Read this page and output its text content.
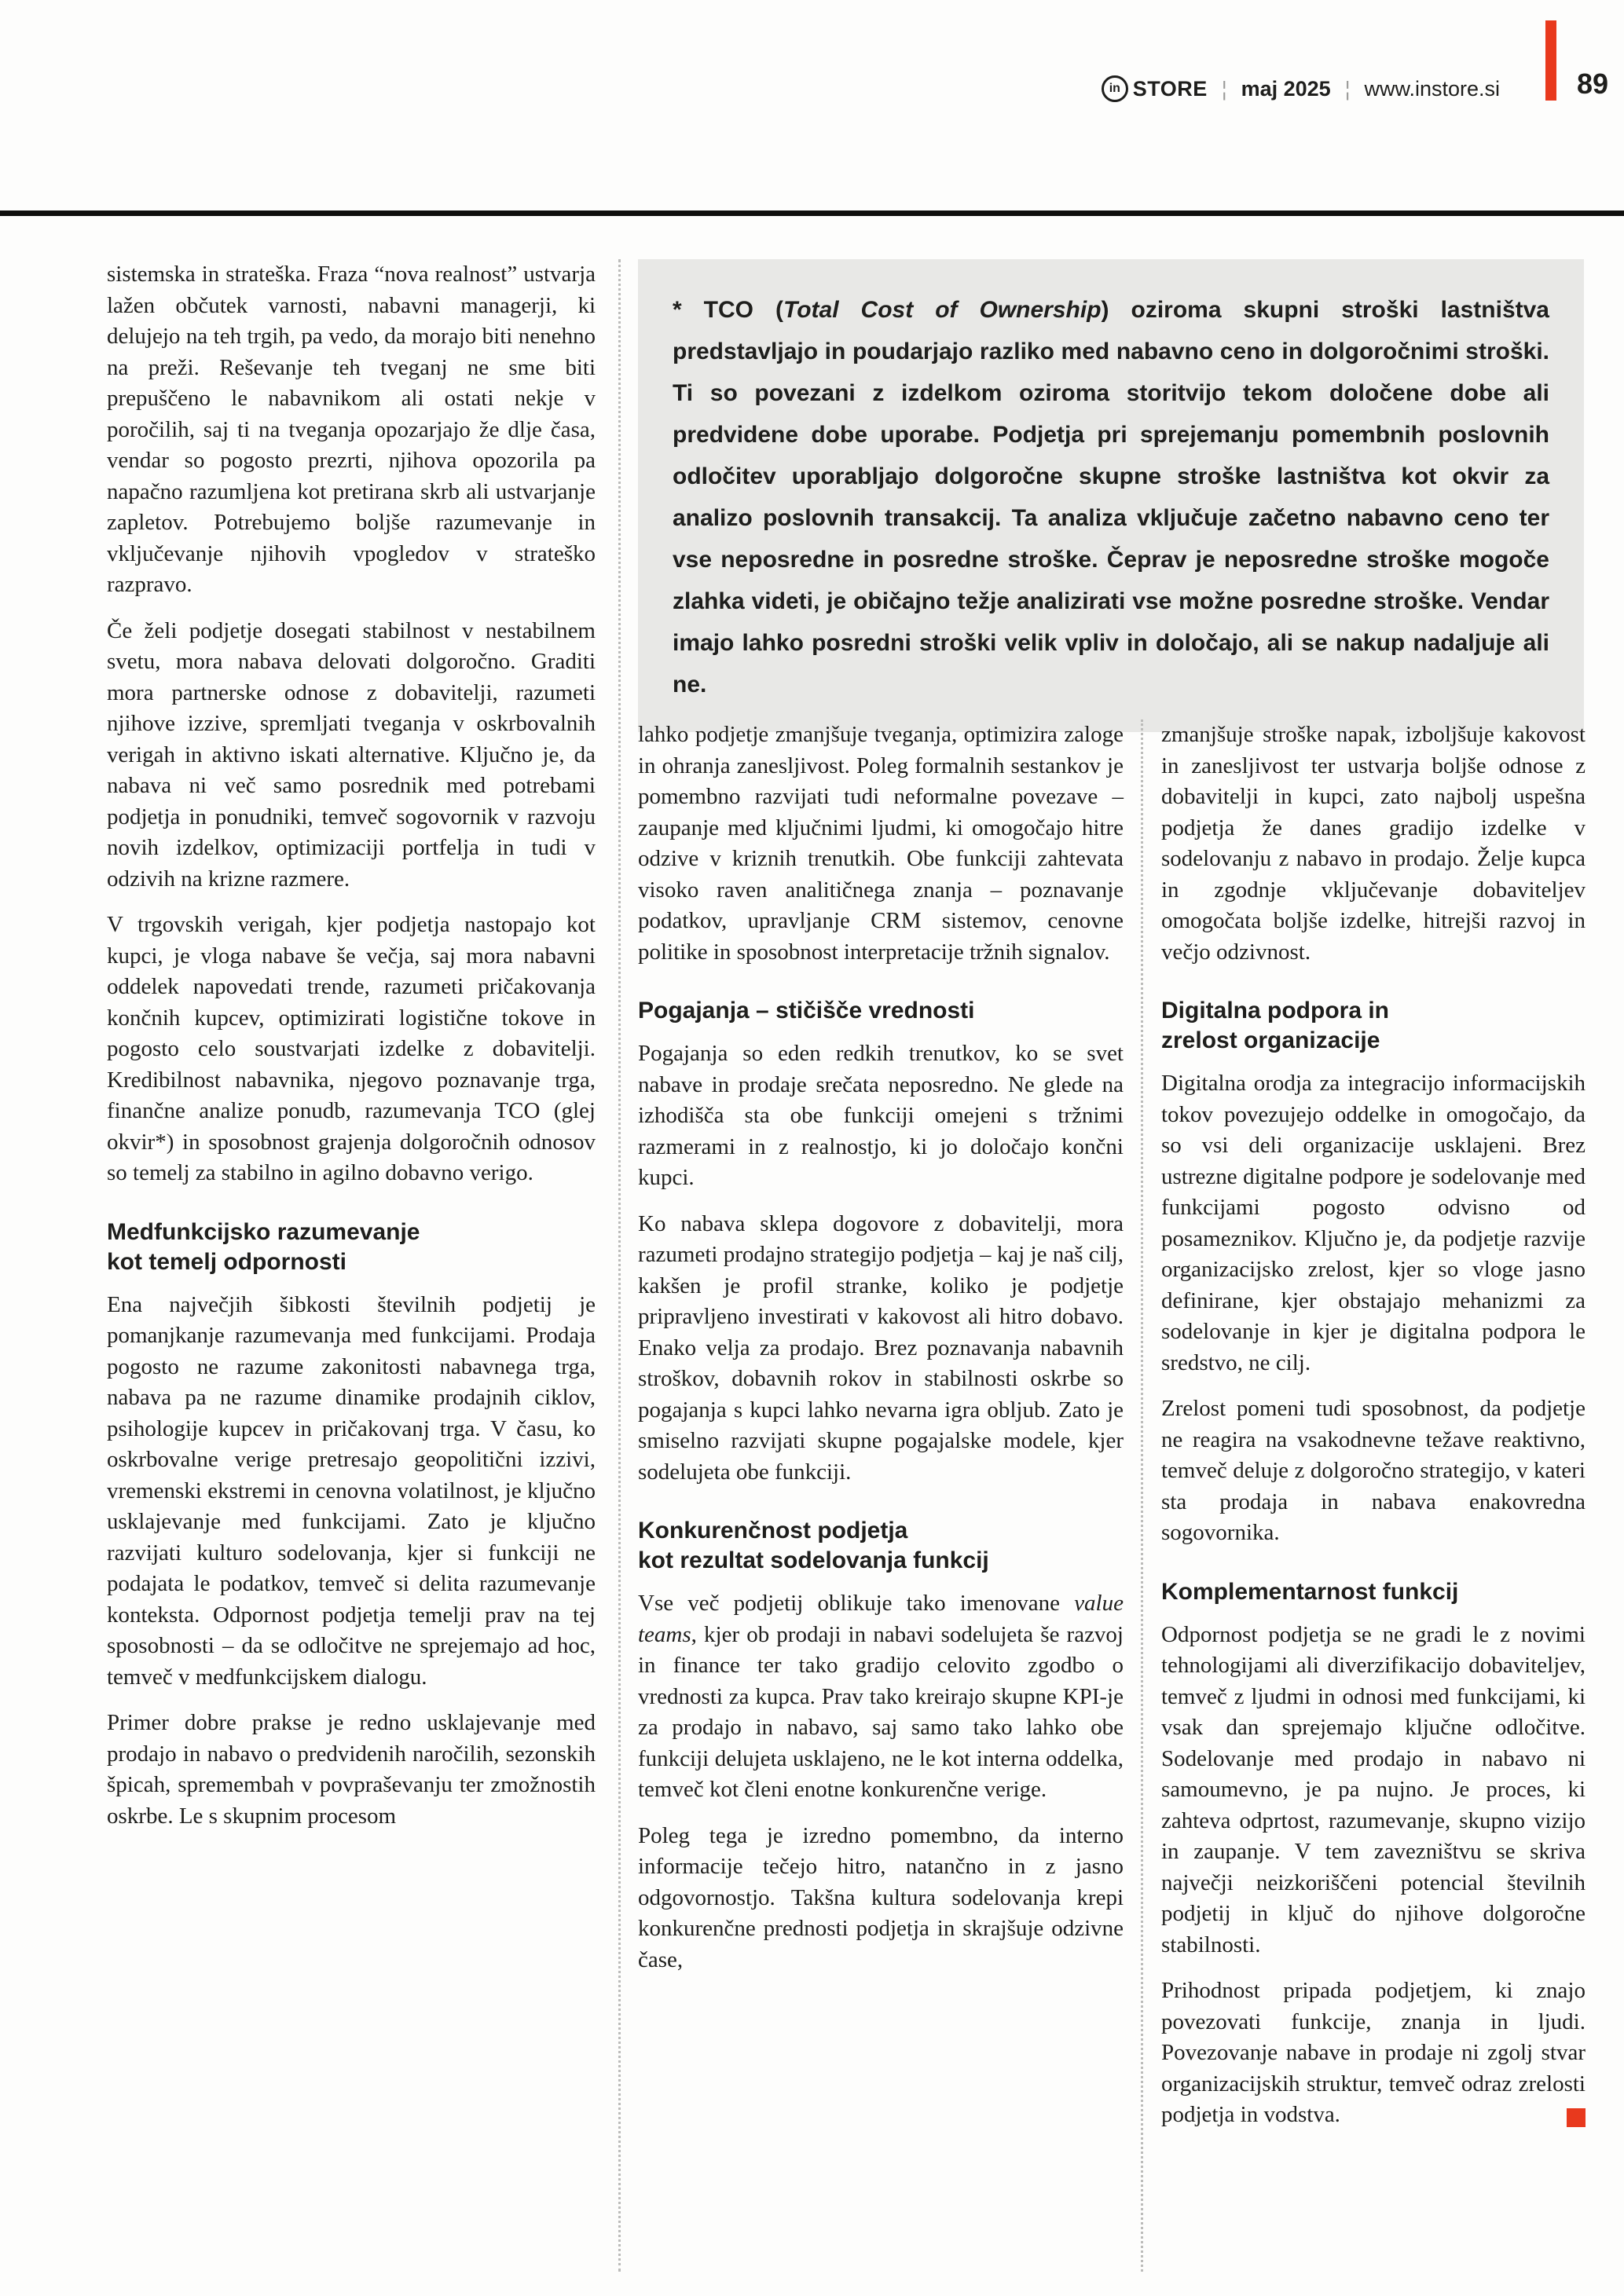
in STORE ¦ maj 2025 ¦ www.instore.si	89
* TCO (Total Cost of Ownership) oziroma skupni stroški lastništva predstavljajo in poudarjajo razliko med nabavno ceno in dolgoročnimi stroški. Ti so povezani z izdelkom oziroma storitvijo tekom določene dobe ali predvidene dobe uporabe. Podjetja pri sprejemanju pomembnih poslovnih odločitev uporabljajo dolgoročne skupne stroške lastništva kot okvir za analizo poslovnih transakcij. Ta analiza vključuje začetno nabavno ceno ter vse neposredne in posredne stroške. Čeprav je neposredne stroške mogoče zlahka videti, je običajno težje analizirati vse možne posredne stroške. Vendar imajo lahko posredni stroški velik vpliv in določajo, ali se nakup nadaljuje ali ne.

sistemska in strateška. Fraza “nova realnost” ustvarja lažen občutek varnosti, nabavni managerji, ki delujejo na teh trgih, pa vedo, da morajo biti nenehno na preži. Reševanje teh tveganj ne sme biti prepuščeno le nabavnikom ali ostati nekje v poročilih, saj ti na tveganja opozarjajo že dlje časa, vendar so pogosto prezrti, njihova opozorila pa napačno razumljena kot pretirana skrb ali ustvarjanje zapletov. Potrebujemo boljše razumevanje in vključevanje njihovih vpogledov v strateško razpravo.

Če želi podjetje dosegati stabilnost v nestabilnem svetu, mora nabava delovati dolgoročno. Graditi mora partnerske odnose z dobavitelji, razumeti njihove izzive, spremljati tveganja v oskrbovalnih verigah in aktivno iskati alternative. Ključno je, da nabava ni več samo posrednik med potrebami podjetja in ponudniki, temveč sogovornik v razvoju novih izdelkov, optimizaciji portfelja in tudi v odzivih na krizne razmere.

V trgovskih verigah, kjer podjetja nastopajo kot kupci, je vloga nabave še večja, saj mora nabavni oddelek napovedati trende, razumeti pričakovanja končnih kupcev, optimizirati logistične tokove in pogosto celo soustvarjati izdelke z dobavitelji. Kredibilnost nabavnika, njegovo poznavanje trga, finančne analize ponudb, razumevanja TCO (glej okvir*) in sposobnost grajenja dolgoročnih odnosov so temelj za stabilno in agilno dobavno verigo.

Medfunkcijsko razumevanje
kot temelj odpornosti

Ena največjih šibkosti številnih podjetij je pomanjkanje razumevanja med funkcijami. Prodaja pogosto ne razume zakonitosti nabavnega trga, nabava pa ne razume dinamike prodajnih ciklov, psihologije kupcev in pričakovanj trga. V času, ko oskrbovalne verige pretresajo geopolitični izzivi, vremenski ekstremi in cenovna volatilnost, je ključno usklajevanje med funkcijami. Zato je ključno razvijati kulturo sodelovanja, kjer si funkciji ne podajata le podatkov, temveč si delita razumevanje konteksta. Odpornost podjetja temelji prav na tej sposobnosti – da se odločitve ne sprejemajo ad hoc, temveč v medfunkcijskem dialogu.

Primer dobre prakse je redno usklajevanje med prodajo in nabavo o predvidenih naročilih, sezonskih špicah, spremembah v povpraševanju ter zmožnostih oskrbe. Le s skupnim procesom

lahko podjetje zmanjšuje tveganja, optimizira zaloge in ohranja zanesljivost. Poleg formalnih sestankov je pomembno razvijati tudi neformalne povezave – zaupanje med ključnimi ljudmi, ki omogočajo hitre odzive v kriznih trenutkih. Obe funkciji zahtevata visoko raven analitičnega znanja – poznavanje podatkov, upravljanje CRM sistemov, cenovne politike in sposobnost interpretacije tržnih signalov.

Pogajanja – stičišče vrednosti

Pogajanja so eden redkih trenutkov, ko se svet nabave in prodaje srečata neposredno. Ne glede na izhodišča sta obe funkciji omejeni s tržnimi razmerami in z realnostjo, ki jo določajo končni kupci.

Ko nabava sklepa dogovore z dobavitelji, mora razumeti prodajno strategijo podjetja – kaj je naš cilj, kakšen je profil stranke, koliko je podjetje pripravljeno investirati v kakovost ali hitro dobavo. Enako velja za prodajo. Brez poznavanja nabavnih stroškov, dobavnih rokov in stabilnosti oskrbe so pogajanja s kupci lahko nevarna igra obljub. Zato je smiselno razvijati skupne pogajalske modele, kjer sodelujeta obe funkciji.

Konkurenčnost podjetja
kot rezultat sodelovanja funkcij

Vse več podjetij oblikuje tako imenovane value teams, kjer ob prodaji in nabavi sodelujeta še razvoj in finance ter tako gradijo celovito zgodbo o vrednosti za kupca. Prav tako kreirajo skupne KPI-je za prodajo in nabavo, saj samo tako lahko obe funkciji delujeta usklajeno, ne le kot interna oddelka, temveč kot členi enotne konkurenčne verige.

Poleg tega je izredno pomembno, da interno informacije tečejo hitro, natančno in z jasno odgovornostjo. Takšna kultura sodelovanja krepi konkurenčne prednosti podjetja in skrajšuje odzivne čase,

zmanjšuje stroške napak, izboljšuje kakovost in zanesljivost ter ustvarja boljše odnose z dobavitelji in kupci, zato najbolj uspešna podjetja že danes gradijo izdelke v sodelovanju z nabavo in prodajo. Želje kupca in zgodnje vključevanje dobaviteljev omogočata boljše izdelke, hitrejši razvoj in večjo odzivnost.

Digitalna podpora in
zrelost organizacije

Digitalna orodja za integracijo informacijskih tokov povezujejo oddelke in omogočajo, da so vsi deli organizacije usklajeni. Brez ustrezne digitalne podpore je sodelovanje med funkcijami pogosto odvisno od posameznikov. Ključno je, da podjetje razvije organizacijsko zrelost, kjer so vloge jasno definirane, kjer obstajajo mehanizmi za sodelovanje in kjer je digitalna podpora le sredstvo, ne cilj.

Zrelost pomeni tudi sposobnost, da podjetje ne reagira na vsakodnevne težave reaktivno, temveč deluje z dolgoročno strategijo, v kateri sta prodaja in nabava enakovredna sogovornika.

Komplementarnost funkcij

Odpornost podjetja se ne gradi le z novimi tehnologijami ali diverzifikacijo dobaviteljev, temveč z ljudmi in odnosi med funkcijami, ki vsak dan sprejemajo ključne odločitve. Sodelovanje med prodajo in nabavo ni samoumevno, je pa nujno. Je proces, ki zahteva odprtost, razumevanje, skupno vizijo in zaupanje. V tem zavezništvu se skriva največji neizkoriščeni potencial številnih podjetij in ključ do njihove dolgoročne stabilnosti.

Prihodnost pripada podjetjem, ki znajo povezovati funkcije, znanja in ljudi. Povezovanje nabave in prodaje ni zgolj stvar organizacijskih struktur, temveč odraz zrelosti podjetja in vodstva.
